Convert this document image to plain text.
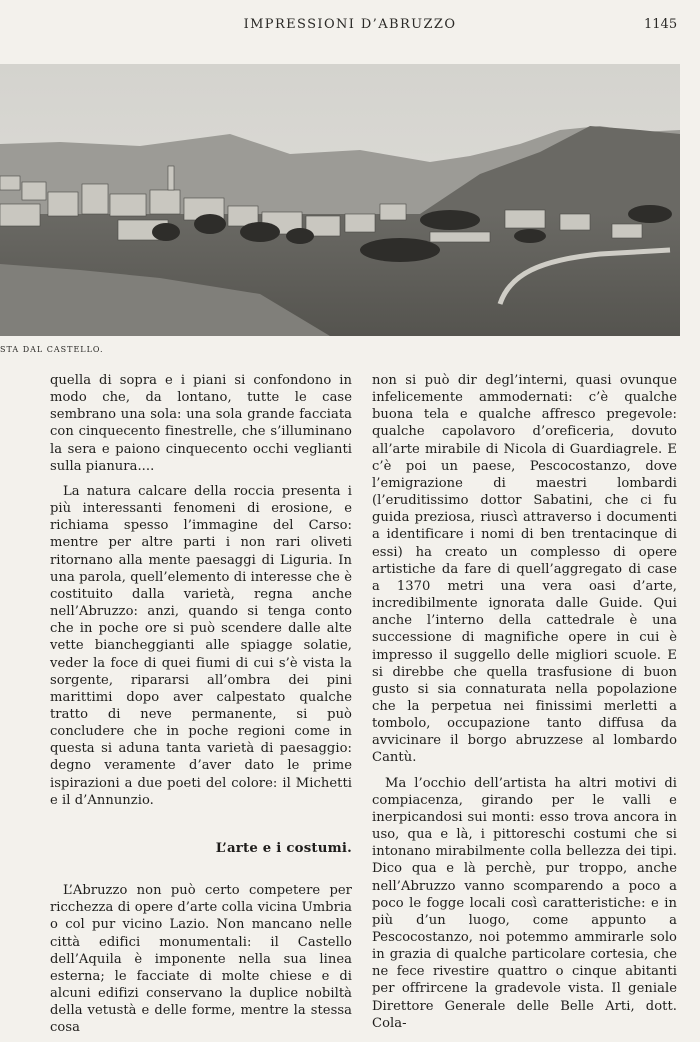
IMPRESSIONI D’ABRUZZO	1145
STA DAL CASTELLO.

quella di sopra e i piani si confondono in modo che, da lontano, tutte le case sembrano una sola: una sola grande facciata con cinquecento finestrelle, che s’illuminano la sera e paiono cinquecento occhi veglianti sulla pianura....

La natura calcare della roccia presenta i più interessanti fenomeni di erosione, e richiama spesso l’immagine del Carso: mentre per altre parti i non rari oliveti ritornano alla mente paesaggi di Liguria. In una parola, quell’elemento di interesse che è costituito dalla varietà, regna anche nell’Abruzzo: anzi, quando si tenga conto che in poche ore si può scendere dalle alte vette biancheggianti alle spiagge solatie, veder la foce di quei fiumi di cui s’è vista la sorgente, ripararsi all’ombra dei pini marittimi dopo aver calpestato qualche tratto di neve permanente, si può concludere che in poche regioni come in questa si aduna tanta varietà di paesaggio: degno veramente d’aver dato le prime ispirazioni a due poeti del colore: il Michetti e il d’Annunzio.

L’arte e i costumi.

L’Abruzzo non può certo competere per ricchezza di opere d’arte colla vicina Umbria o col pur vicino Lazio. Non mancano nelle città edifici monumentali: il Castello dell’Aquila è imponente nella sua linea esterna; le facciate di molte chiese e di alcuni edifizi conservano la duplice nobiltà della vetustà e delle forme, mentre la stessa cosa

non si può dir degl’interni, quasi ovunque infelicemente ammodernati: c’è qualche buona tela e qualche affresco pregevole: qualche capolavoro d’oreficeria, dovuto all’arte mirabile di Nicola di Guardiagrele. E c’è poi un paese, Pescocostanzo, dove l’emigrazione di maestri lombardi (l’eruditissimo dottor Sabatini, che ci fu guida preziosa, riuscì attraverso i documenti a identificare i nomi di ben trentacinque di essi) ha creato un complesso di opere artistiche da fare di quell’aggregato di case a 1370 metri una vera oasi d’arte, incredibilmente ignorata dalle Guide. Qui anche l’interno della cattedrale è una successione di magnifiche opere in cui è impresso il suggello delle migliori scuole. E si direbbe che quella trasfusione di buon gusto si sia connaturata nella popolazione che la perpetua nei finissimi merletti a tombolo, occupazione tanto diffusa da avvicinare il borgo abruzzese al lombardo Cantù.

Ma l’occhio dell’artista ha altri motivi di compiacenza, girando per le valli e inerpicandosi sui monti: esso trova ancora in uso, qua e là, i pittoreschi costumi che si intonano mirabilmente colla bellezza dei tipi. Dico qua e là perchè, pur troppo, anche nell’Abruzzo vanno scomparendo a poco a poco le fogge locali così caratteristiche: e in più d’un luogo, come appunto a Pescocostanzo, noi potemmo ammirarle solo in grazia di qualche particolare cortesia, che ne fece rivestire quattro o cinque abitanti per offrircene la gradevole vista. Il geniale Direttore Generale delle Belle Arti, dott. Cola-
